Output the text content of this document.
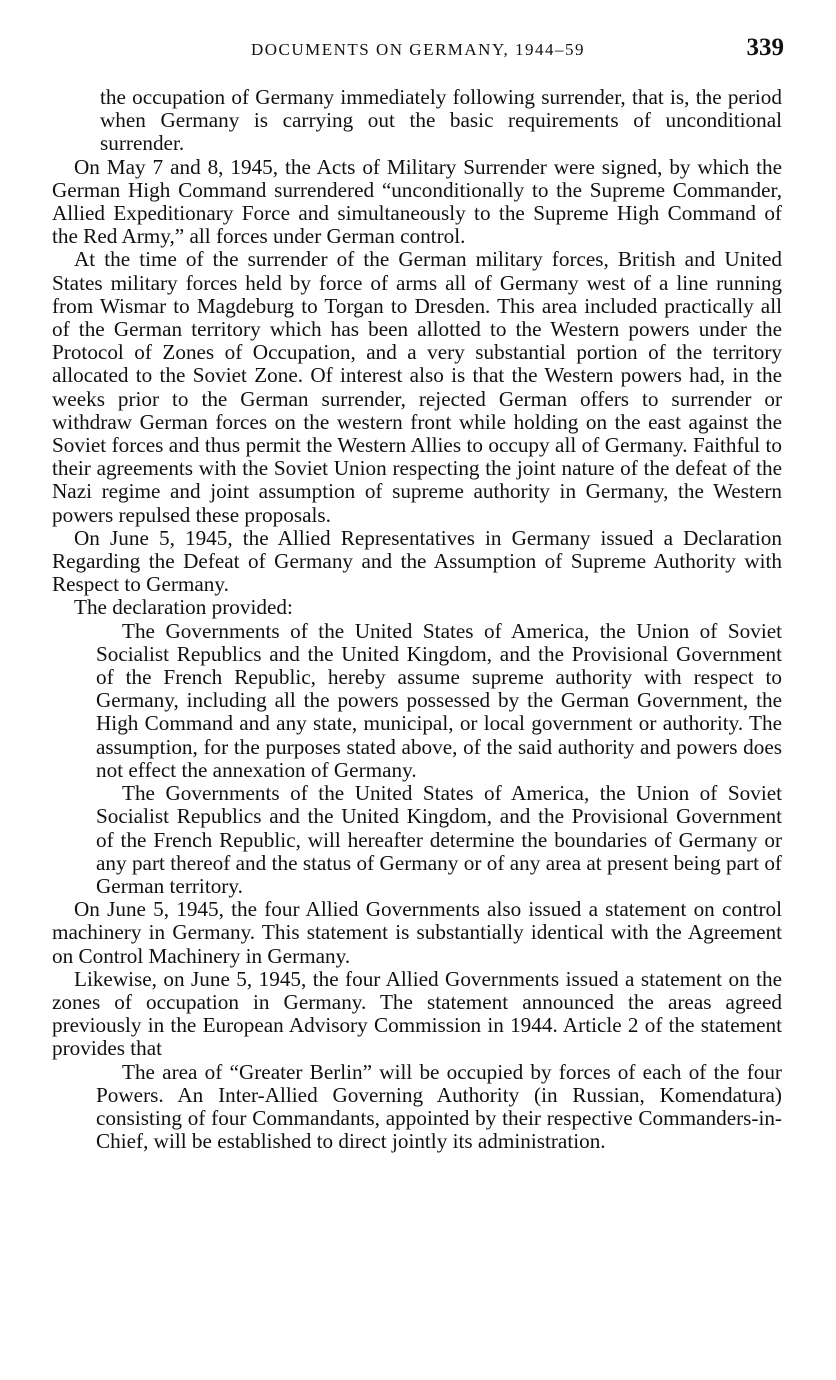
DOCUMENTS ON GERMANY, 1944–59	339

the occupation of Germany immediately following surrender, that is, the period when Germany is carrying out the basic requirements of unconditional surrender.

On May 7 and 8, 1945, the Acts of Military Surrender were signed, by which the German High Command surrendered “unconditionally to the Supreme Commander, Allied Expeditionary Force and simultaneously to the Supreme High Command of the Red Army,” all forces under German control.

At the time of the surrender of the German military forces, British and United States military forces held by force of arms all of Germany west of a line running from Wismar to Magdeburg to Torgan to Dresden. This area included practically all of the German territory which has been allotted to the Western powers under the Protocol of Zones of Occupation, and a very substantial portion of the territory allocated to the Soviet Zone. Of interest also is that the Western powers had, in the weeks prior to the German surrender, rejected German offers to surrender or withdraw German forces on the western front while holding on the east against the Soviet forces and thus permit the Western Allies to occupy all of Germany. Faithful to their agreements with the Soviet Union respecting the joint nature of the defeat of the Nazi regime and joint assumption of supreme authority in Germany, the Western powers repulsed these proposals.

On June 5, 1945, the Allied Representatives in Germany issued a Declaration Regarding the Defeat of Germany and the Assumption of Supreme Authority with Respect to Germany.

The declaration provided:

The Governments of the United States of America, the Union of Soviet Socialist Republics and the United Kingdom, and the Provisional Government of the French Republic, hereby assume supreme authority with respect to Germany, including all the powers possessed by the German Government, the High Command and any state, municipal, or local government or authority. The assumption, for the purposes stated above, of the said authority and powers does not effect the annexation of Germany.

The Governments of the United States of America, the Union of Soviet Socialist Republics and the United Kingdom, and the Provisional Government of the French Republic, will hereafter determine the boundaries of Germany or any part thereof and the status of Germany or of any area at present being part of German territory.

On June 5, 1945, the four Allied Governments also issued a statement on control machinery in Germany. This statement is substantially identical with the Agreement on Control Machinery in Germany.

Likewise, on June 5, 1945, the four Allied Governments issued a statement on the zones of occupation in Germany. The statement announced the areas agreed previously in the European Advisory Commission in 1944. Article 2 of the statement provides that

The area of “Greater Berlin” will be occupied by forces of each of the four Powers. An Inter-Allied Governing Authority (in Russian, Komendatura) consisting of four Commandants, appointed by their respective Commanders-in-Chief, will be established to direct jointly its administration.
